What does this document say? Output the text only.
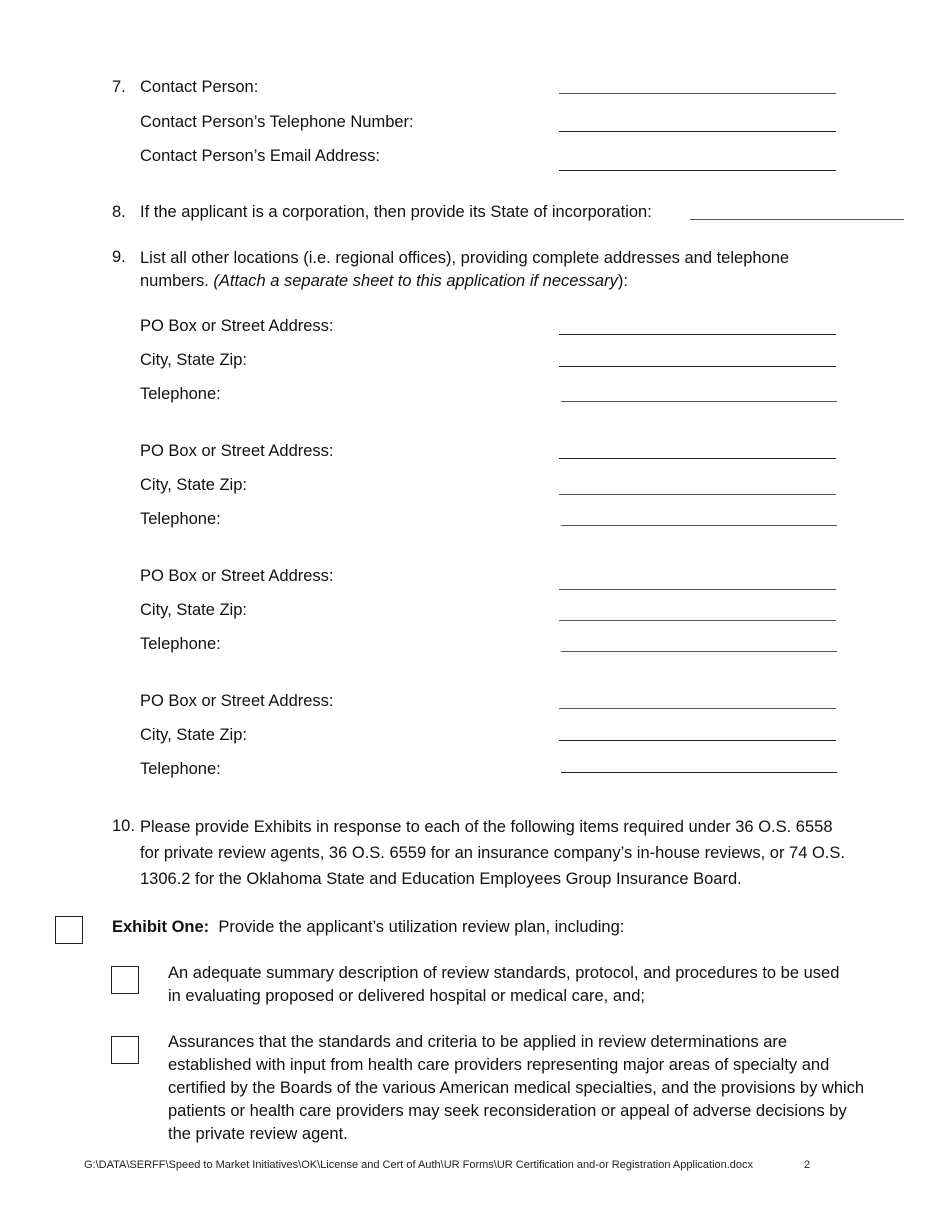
7. Contact Person:
Contact Person’s Telephone Number:
Contact Person’s Email Address:
8. If the applicant is a corporation, then provide its State of incorporation:
9. List all other locations (i.e. regional offices), providing complete addresses and telephone numbers. (Attach a separate sheet to this application if necessary):
PO Box or Street Address:
City, State Zip:
Telephone:
PO Box or Street Address:
City, State Zip:
Telephone:
PO Box or Street Address:
City, State Zip:
Telephone:
PO Box or Street Address:
City, State Zip:
Telephone:
10. Please provide Exhibits in response to each of the following items required under 36 O.S. 6558 for private review agents, 36 O.S. 6559 for an insurance company’s in-house reviews, or 74 O.S. 1306.2 for the Oklahoma State and Education Employees Group Insurance Board.
Exhibit One: Provide the applicant’s utilization review plan, including:
An adequate summary description of review standards, protocol, and procedures to be used in evaluating proposed or delivered hospital or medical care, and;
Assurances that the standards and criteria to be applied in review determinations are established with input from health care providers representing major areas of specialty and certified by the Boards of the various American medical specialties, and the provisions by which patients or health care providers may seek reconsideration or appeal of adverse decisions by the private review agent.
G:\DATA\SERFF\Speed to Market Initiatives\OK\License and Cert of Auth\UR Forms\UR Certification and-or Registration Application.docx	2
